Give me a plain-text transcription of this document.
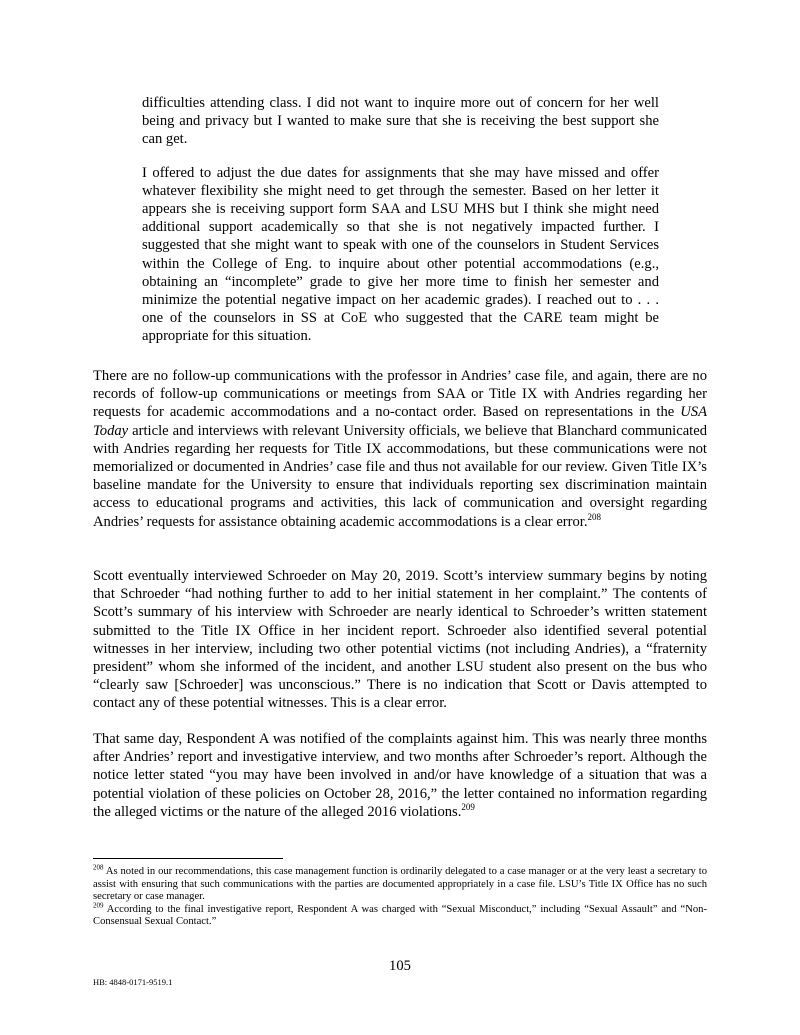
difficulties attending class. I did not want to inquire more out of concern for her well being and privacy but I wanted to make sure that she is receiving the best support she can get.

I offered to adjust the due dates for assignments that she may have missed and offer whatever flexibility she might need to get through the semester. Based on her letter it appears she is receiving support form SAA and LSU MHS but I think she might need additional support academically so that she is not negatively impacted further. I suggested that she might want to speak with one of the counselors in Student Services within the College of Eng. to inquire about other potential accommodations (e.g., obtaining an “incomplete” grade to give her more time to finish her semester and minimize the potential negative impact on her academic grades). I reached out to . . . one of the counselors in SS at CoE who suggested that the CARE team might be appropriate for this situation.

There are no follow-up communications with the professor in Andries’ case file, and again, there are no records of follow-up communications or meetings from SAA or Title IX with Andries regarding her requests for academic accommodations and a no-contact order. Based on representations in the USA Today article and interviews with relevant University officials, we believe that Blanchard communicated with Andries regarding her requests for Title IX accommodations, but these communications were not memorialized or documented in Andries’ case file and thus not available for our review. Given Title IX’s baseline mandate for the University to ensure that individuals reporting sex discrimination maintain access to educational programs and activities, this lack of communication and oversight regarding Andries’ requests for assistance obtaining academic accommodations is a clear error.$^{208}$

Scott eventually interviewed Schroeder on May 20, 2019. Scott’s interview summary begins by noting that Schroeder “had nothing further to add to her initial statement in her complaint.” The contents of Scott’s summary of his interview with Schroeder are nearly identical to Schroeder’s written statement submitted to the Title IX Office in her incident report. Schroeder also identified several potential witnesses in her interview, including two other potential victims (not including Andries), a “fraternity president” whom she informed of the incident, and another LSU student also present on the bus who “clearly saw [Schroeder] was unconscious.” There is no indication that Scott or Davis attempted to contact any of these potential witnesses. This is a clear error.

That same day, Respondent A was notified of the complaints against him. This was nearly three months after Andries’ report and investigative interview, and two months after Schroeder’s report. Although the notice letter stated “you may have been involved in and/or have knowledge of a situation that was a potential violation of these policies on October 28, 2016,” the letter contained no information regarding the alleged victims or the nature of the alleged 2016 violations.$^{209}$

$^{208}$ As noted in our recommendations, this case management function is ordinarily delegated to a case manager or at the very least a secretary to assist with ensuring that such communications with the parties are documented appropriately in a case file. LSU’s Title IX Office has no such secretary or case manager.

$^{209}$ According to the final investigative report, Respondent A was charged with “Sexual Misconduct,” including “Sexual Assault” and “Non-Consensual Sexual Contact.”

105
HB: 4848-0171-9519.1
